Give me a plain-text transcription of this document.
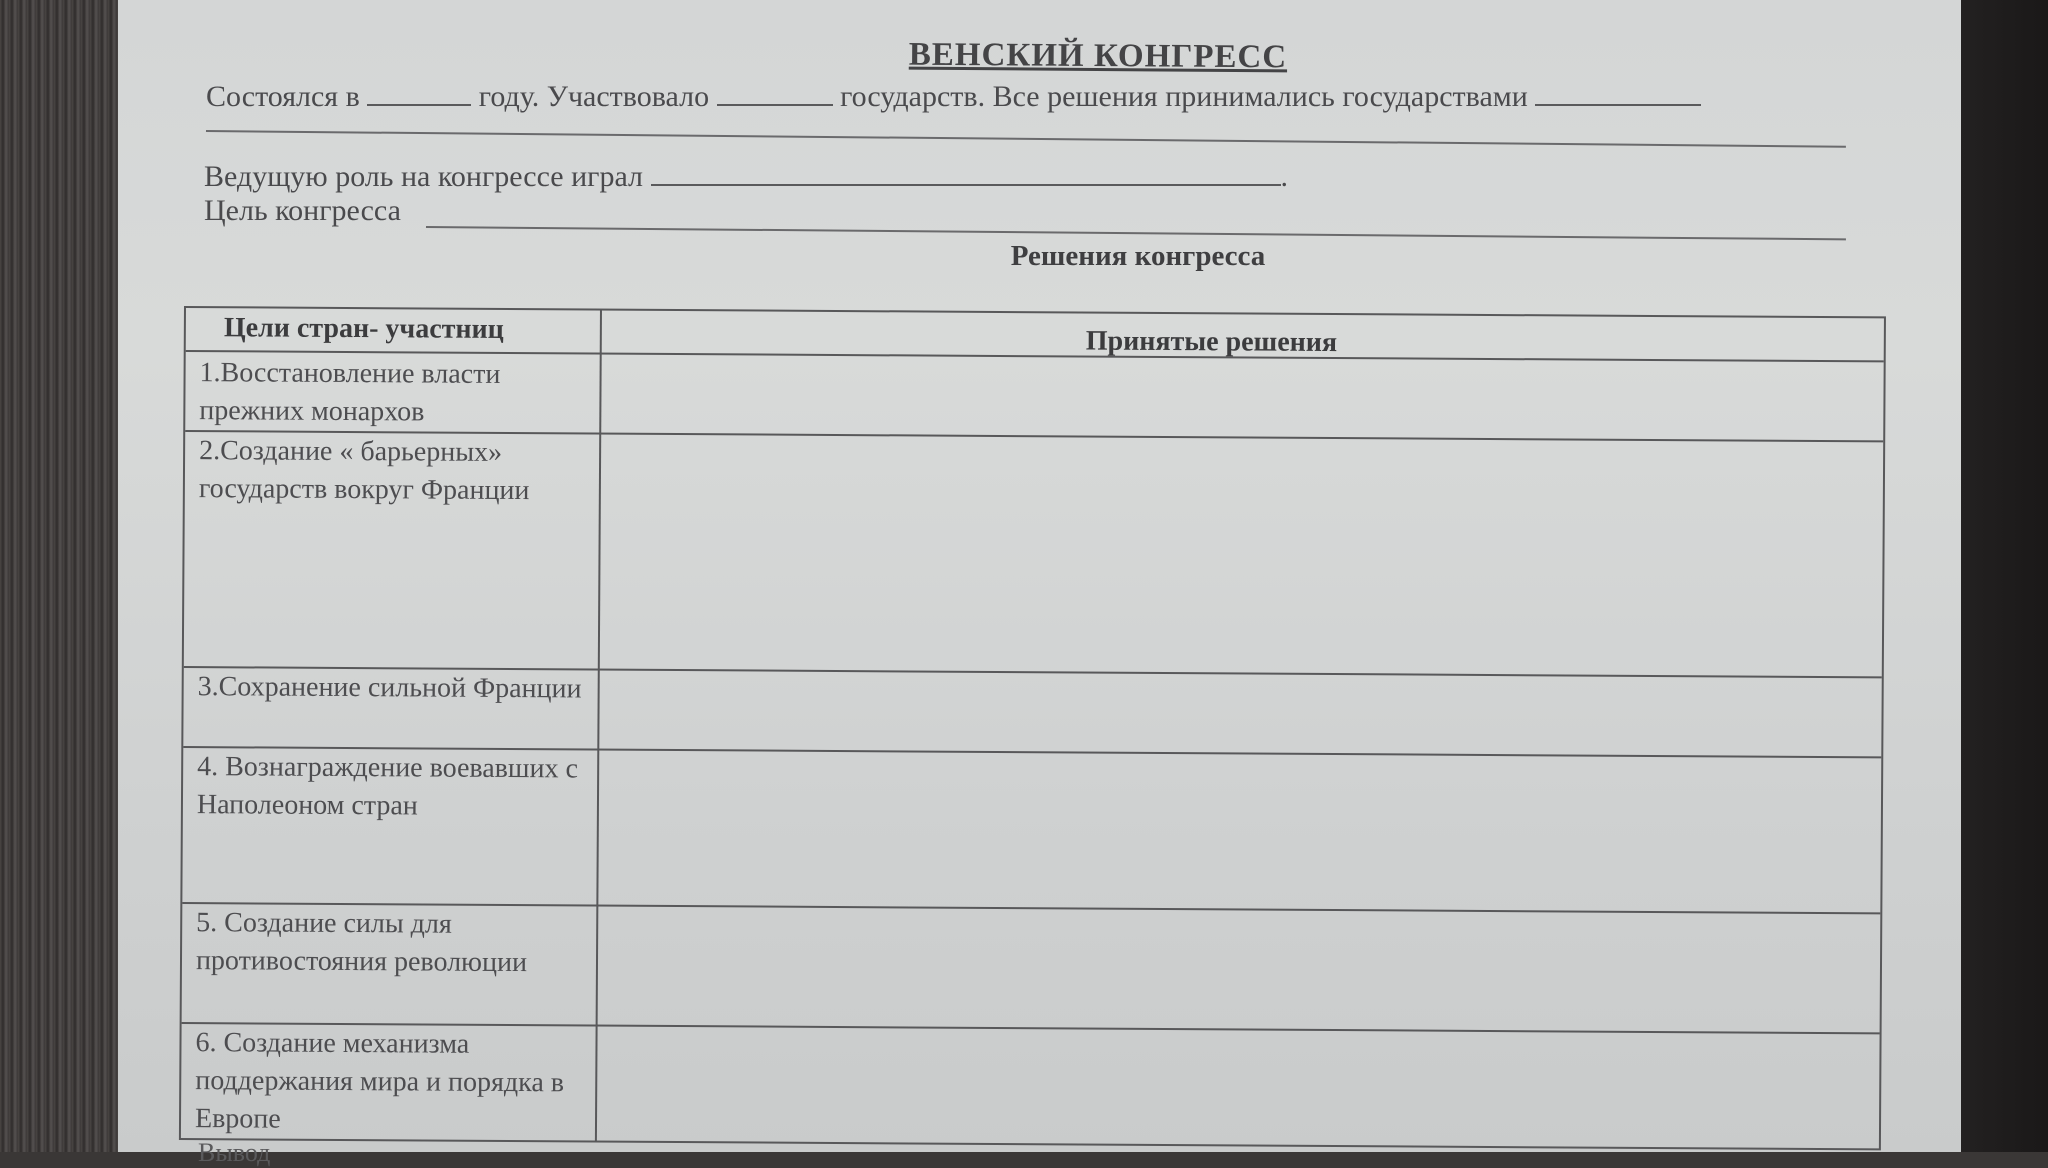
ВЕНСКИЙ КОНГРЕСС
Состоялся в	году. Участвовало	государств. Все решения принимались государствами
Ведущую роль на конгрессе играл	.
Цель конгресса
Решения конгресса
Цели стран- участниц	Принятые решения
1.Восстановление власти прежних монархов
2.Создание « барьерных» государств вокруг Франции
3.Сохранение сильной Франции
4. Вознаграждение воевавших с Наполеоном стран
5. Создание силы для противостояния революции
6. Создание механизма поддержания мира и порядка в Европе
Вывод
